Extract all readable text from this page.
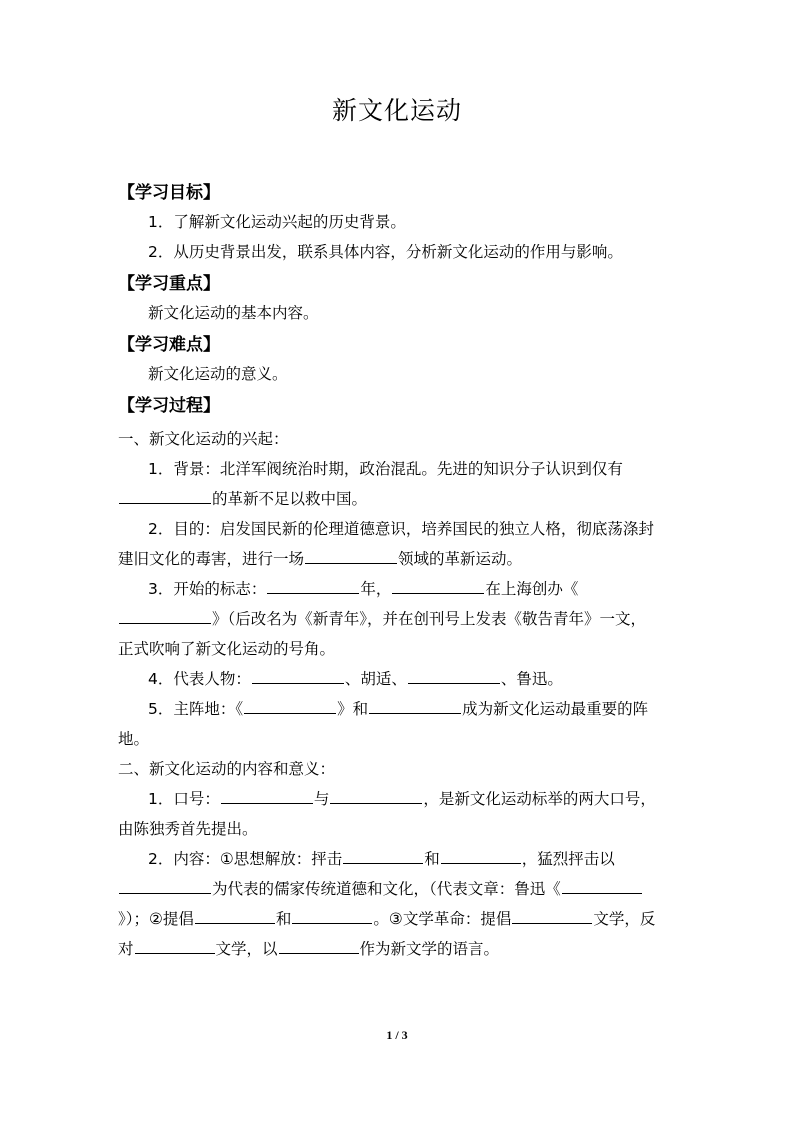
新文化运动
【学习目标】

1．了解新文化运动兴起的历史背景。

2．从历史背景出发，联系具体内容，分析新文化运动的作用与影响。

【学习重点】

新文化运动的基本内容。

【学习难点】

新文化运动的意义。

【学习过程】

一、新文化运动的兴起：

1．背景：北洋军阀统治时期，政治混乱。先进的知识分子认识到仅有的革新不足以救中国。

2．目的：启发国民新的伦理道德意识，培养国民的独立人格，彻底荡涤封建旧文化的毒害，进行一场	领域的革新运动。

3．开始的标志：	年，	在上海创办《》（后改名为《新青年》，并在创刊号上发表《敬告青年》一文，正式吹响了新文化运动的号角。

4．代表人物：	、胡适、	、鲁迅。

5．主阵地：《	》和	成为新文化运动最重要的阵地。

二、新文化运动的内容和意义：

1．口号：	与	，是新文化运动标举的两大口号，由陈独秀首先提出。

2．内容：①思想解放：抨击	和	，猛烈抨击以为代表的儒家传统道德和文化，（代表文章：鲁迅《》）；②提倡	和	。③文学革命：提倡	文学，反对	文学，以	作为新文学的语言。

1 / 3
